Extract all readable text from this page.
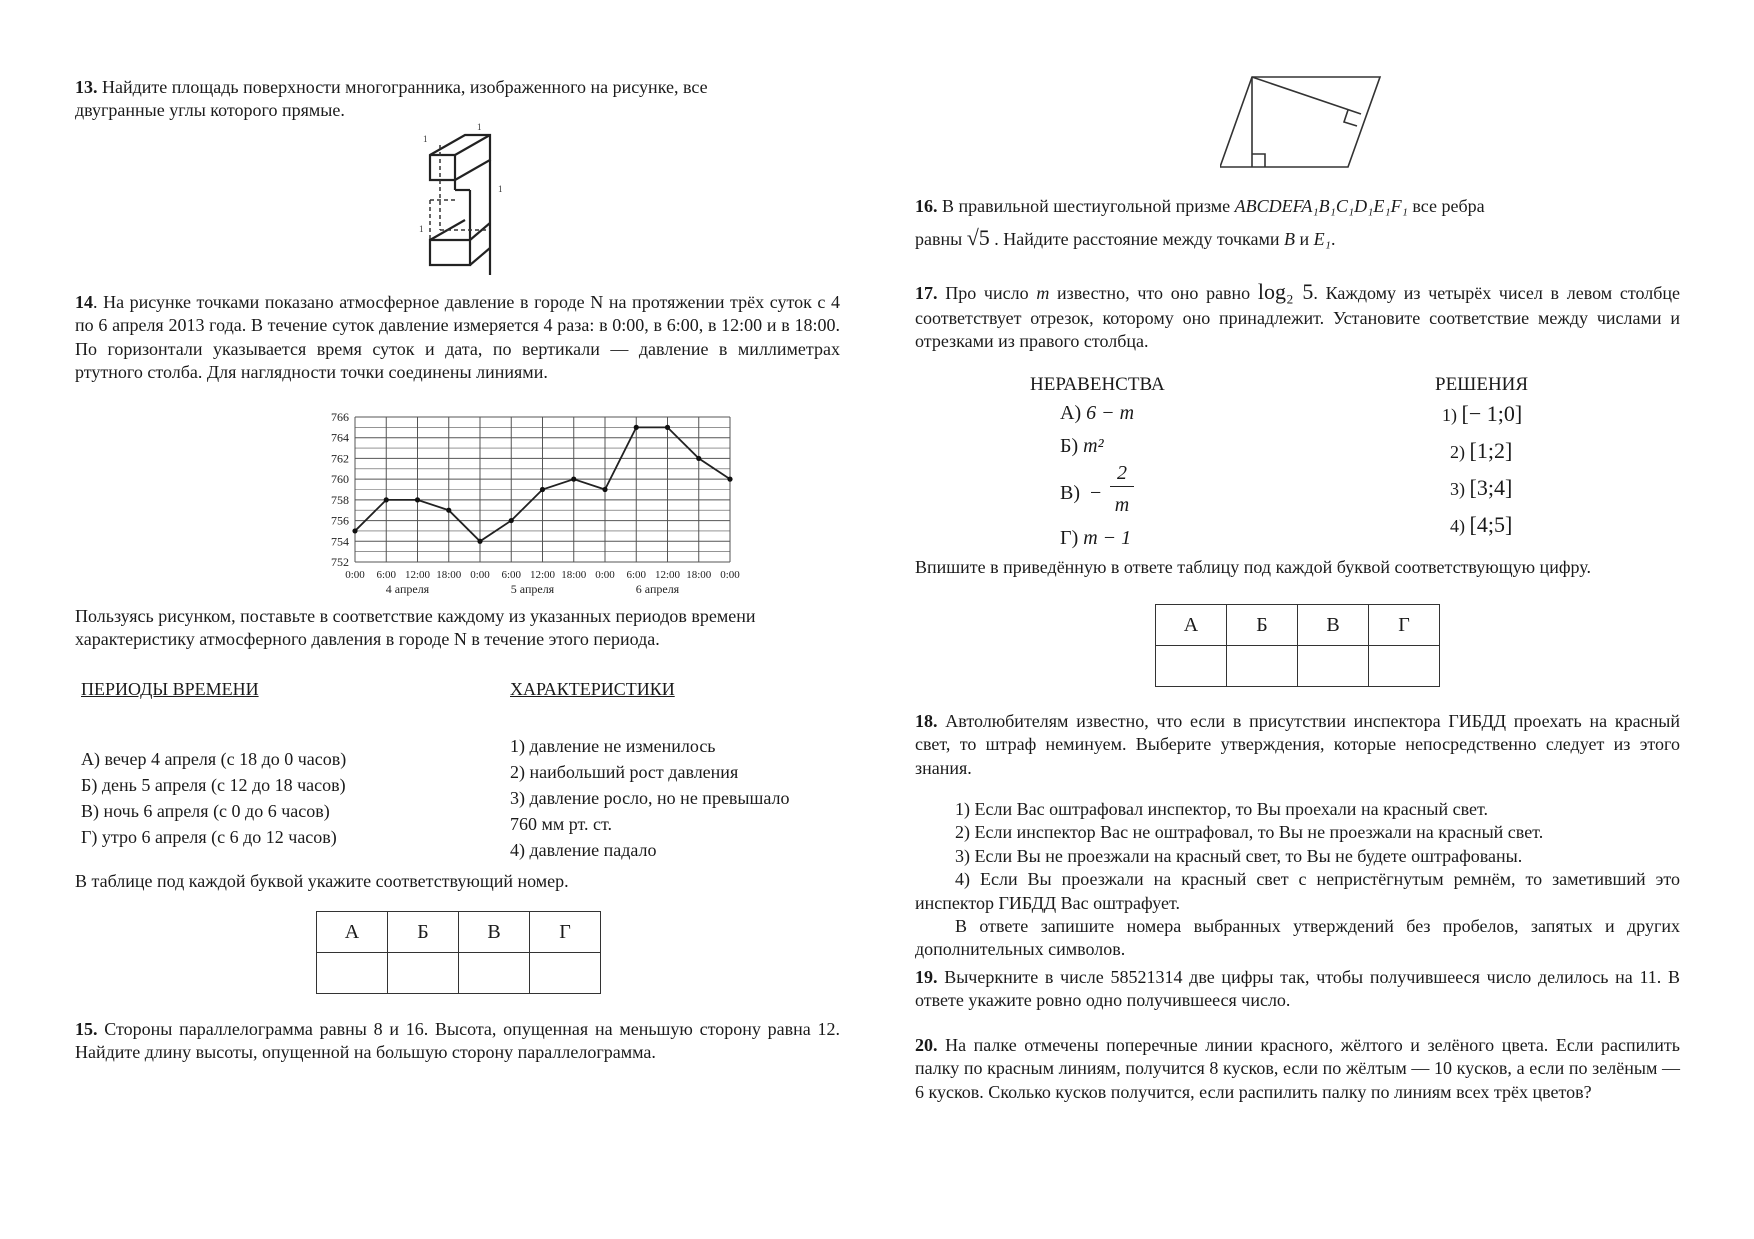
13. Найдите площадь поверхности многогранника, изображенного на рисунке, все
двугранные углы которого прямые.
1
1
1
1
14. На рисунке точками показано атмосферное давление в городе N на протяжении трёх суток с 4 по 6 апреля 2013 года. В течение суток давление измеряется 4 раза: в 0:00, в 6:00, в 12:00 и в 18:00. По горизонтали указывается время суток и дата, по вертикали — давление в миллиметрах ртутного столба. Для наглядности точки соединены линиями.
752
754
756
758
760
762
764
766
0:00 6:00 12:00 18:00 0:00 6:00 12:00 18:00 0:00 6:00 12:00 18:00 0:00
4 апреля	5 апреля	6 апреля
Пользуясь рисунком, поставьте в соответствие каждому из указанных периодов времени характеристику атмосферного давления в городе N в течение этого периода.
ПЕРИОДЫ ВРЕМЕНИ	ХАРАКТЕРИСТИКИ
А) вечер 4 апреля (с 18 до 0 часов)
Б) день 5 апреля (с 12 до 18 часов)
В) ночь 6 апреля (с 0 до 6 часов)
Г) утро 6 апреля (с 6 до 12 часов)
1) давление не изменилось
2) наибольший рост давления
3) давление росло, но не превышало
760 мм рт. ст.
4) давление падало
В таблице под каждой буквой укажите соответствующий номер.
А	Б	В	Г

15. Стороны параллелограмма равны 8 и 16. Высота, опущенная на меньшую сторону равна 12. Найдите длину высоты, опущенной на большую сторону параллелограмма.
16. В правильной шестиугольной призме ABCDEFA₁B₁C₁D₁E₁F₁ все ребра
равны √5 . Найдите расстояние между точками B и E₁.
17. Про число m известно, что оно равно log₂ 5. Каждому из четырёх чисел в левом столбце соответствует отрезок, которому оно принадлежит. Установите соответствие между числами и отрезками из правого столбца.
НЕРАВЕНСТВА	РЕШЕНИЯ
А) 6 − m
Б) m²
В) −
2
m
Г) m − 1
1) [− 1;0]
2) [1;2]
3) [3;4]
4) [4;5]
Впишите в приведённую в ответе таблицу под каждой буквой соответствующую цифру.
А	Б	В	Г

18. Автолюбителям известно, что если в присутствии инспектора ГИБДД проехать на красный свет, то штраф неминуем. Выберите утверждения, которые непосредственно следует из этого знания.
1) Если Вас оштрафовал инспектор, то Вы проехали на красный свет.
2) Если инспектор Вас не оштрафовал, то Вы не проезжали на красный свет.
3) Если Вы не проезжали на красный свет, то Вы не будете оштрафованы.
4) Если Вы проезжали на красный свет с непристёгнутым ремнём, то заметивший это инспектор ГИБДД Вас оштрафует.
В ответе запишите номера выбранных утверждений без пробелов, запятых и других дополнительных символов.
19. Вычеркните в числе 58521314 две цифры так, чтобы получившееся число делилось на 11. В ответе укажите ровно одно получившееся число.
20. На палке отмечены поперечные линии красного, жёлтого и зелёного цвета. Если распилить палку по красным линиям, получится 8 кусков, если по жёлтым — 10 кусков, а если по зелёным — 6 кусков. Сколько кусков получится, если распилить палку по линиям всех трёх цветов?
